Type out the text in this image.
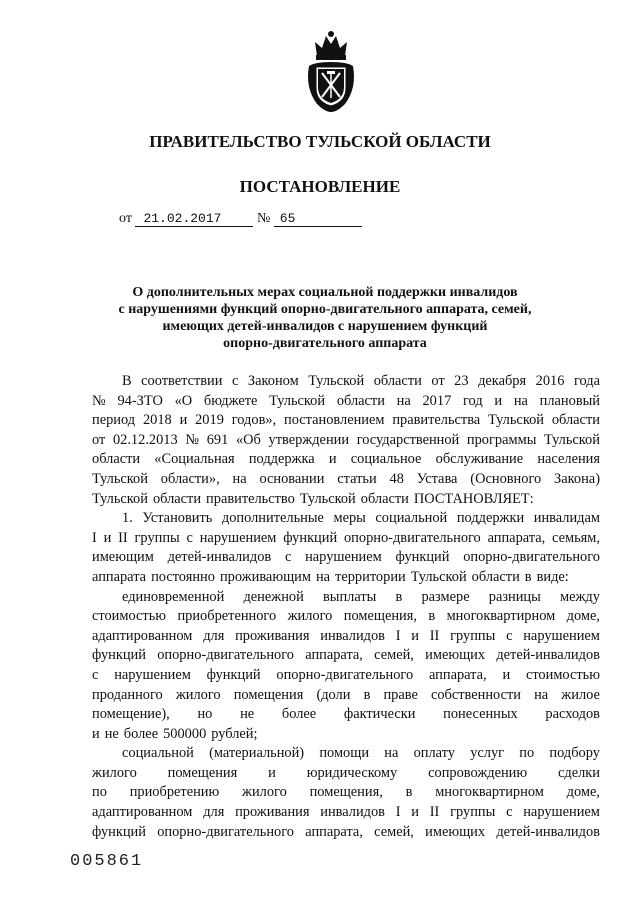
ПРАВИТЕЛЬСТВО ТУЛЬСКОЙ ОБЛАСТИ
ПОСТАНОВЛЕНИЕ
от 21.02.2017	№ 65
О дополнительных мерах социальной поддержки инвалидов
с нарушениями функций опорно-двигательного аппарата, семей,
имеющих детей-инвалидов с нарушением функций
опорно-двигательного аппарата
В соответствии с Законом Тульской области от 23 декабря 2016 года
№ 94-ЗТО «О бюджете Тульской области на 2017 год и на плановый
период 2018 и 2019 годов», постановлением правительства Тульской области
от 02.12.2013 № 691 «Об утверждении государственной программы Тульской
области «Социальная поддержка и социальное обслуживание населения
Тульской области», на основании статьи 48 Устава (Основного Закона)
Тульской области правительство Тульской области ПОСТАНОВЛЯЕТ:
1. Установить дополнительные меры социальной поддержки инвалидам
I и II группы с нарушением функций опорно-двигательного аппарата, семьям,
имеющим детей-инвалидов с нарушением функций опорно-двигательного
аппарата постоянно проживающим на территории Тульской области в виде:
единовременной денежной выплаты в размере разницы между
стоимостью приобретенного жилого помещения, в многоквартирном доме,
адаптированном для проживания инвалидов I и II группы с нарушением
функций опорно-двигательного аппарата, семей, имеющих детей-инвалидов
с нарушением функций опорно-двигательного аппарата, и стоимостью
проданного жилого помещения (доли в праве собственности на жилое
помещение), но не более фактически понесенных расходов
и не более 500000 рублей;
социальной (материальной) помощи на оплату услуг по подбору
жилого помещения и юридическому сопровождению сделки
по приобретению жилого помещения, в многоквартирном доме,
адаптированном для проживания инвалидов I и II группы с нарушением
функций опорно-двигательного аппарата, семей, имеющих детей-инвалидов
005861
